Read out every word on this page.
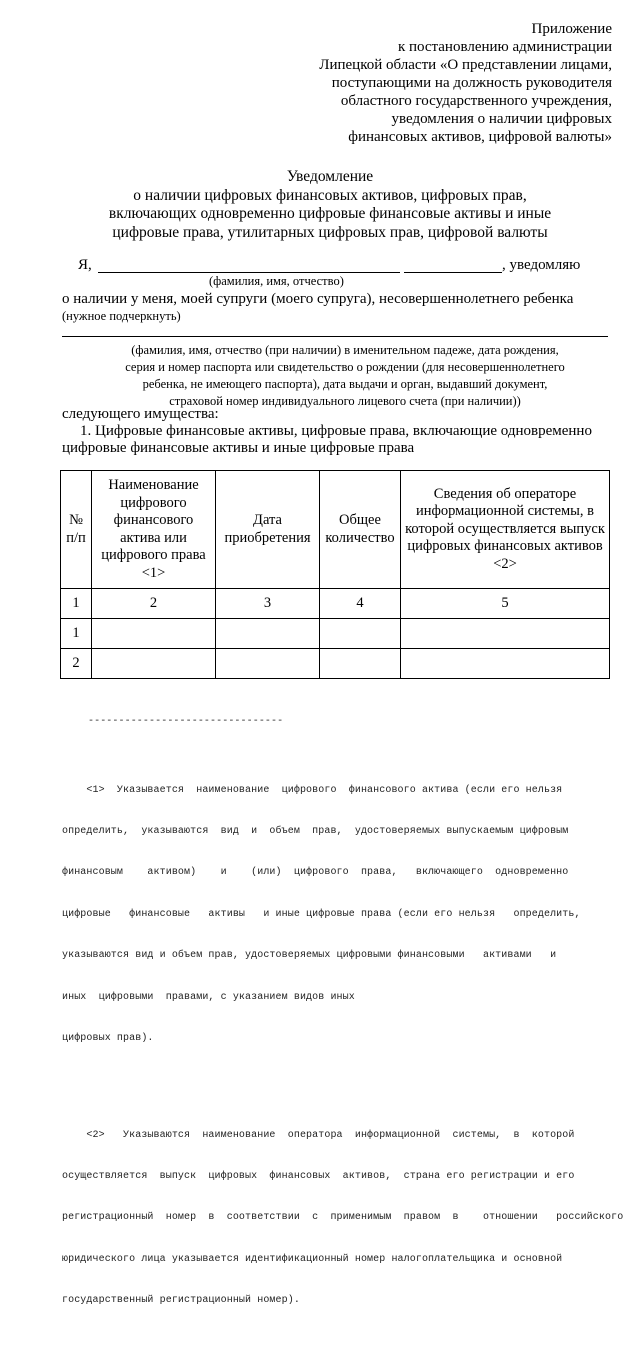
Приложение
к постановлению администрации
Липецкой области «О представлении лицами,
поступающими на должность руководителя
областного государственного учреждения,
уведомления о наличии цифровых
финансовых активов, цифровой валюты»
Уведомление
о наличии цифровых финансовых активов, цифровых прав,
включающих одновременно цифровые финансовые активы и иные
цифровые права, утилитарных цифровых прав, цифровой валюты
Я,	, уведомляю
(фамилия, имя, отчество)
о наличии у меня, моей супруги (моего супруга), несовершеннолетнего ребенка
(нужное подчеркнуть)
(фамилия, имя, отчество (при наличии) в именительном падеже, дата рождения,
серия и номер паспорта или свидетельство о рождении (для несовершеннолетнего
ребенка, не имеющего паспорта), дата выдачи и орган, выдавший документ,
страховой номер индивидуального лицевого счета (при наличии))
следующего имущества:
1. Цифровые финансовые активы, цифровые права, включающие одновременно
цифровые финансовые активы и иные цифровые права
№ п/п	Наименование цифрового финансового актива или цифрового права <1>	Дата приобретения	Общее количество	Сведения об операторе информационной системы, в которой осуществляется выпуск цифровых финансовых активов <2>
1	2	3	4	5
1				
2				

--------------------------------

<1>  Указывается  наименование  цифрового  финансового актива (если его нельзя

определить,  указываются  вид  и  объем  прав,  удостоверяемых выпускаемым цифровым

финансовым    активом)    и    (или)  цифрового  права,   включающего  одновременно

цифровые   финансовые   активы   и иные цифровые права (если его нельзя   определить,

указываются вид и объем прав, удостоверяемых цифровыми финансовыми   активами   и

иных  цифровыми  правами, с указанием видов иных

цифровых прав).

<2>   Указываются  наименование  оператора  информационной  системы,  в  которой

осуществляется  выпуск  цифровых  финансовых  активов,  страна его регистрации и его

регистрационный  номер  в  соответствии  с  применимым  правом  в    отношении   российского

юридического лица указывается идентификационный номер налогоплательщика и основной

государственный регистрационный номер).
